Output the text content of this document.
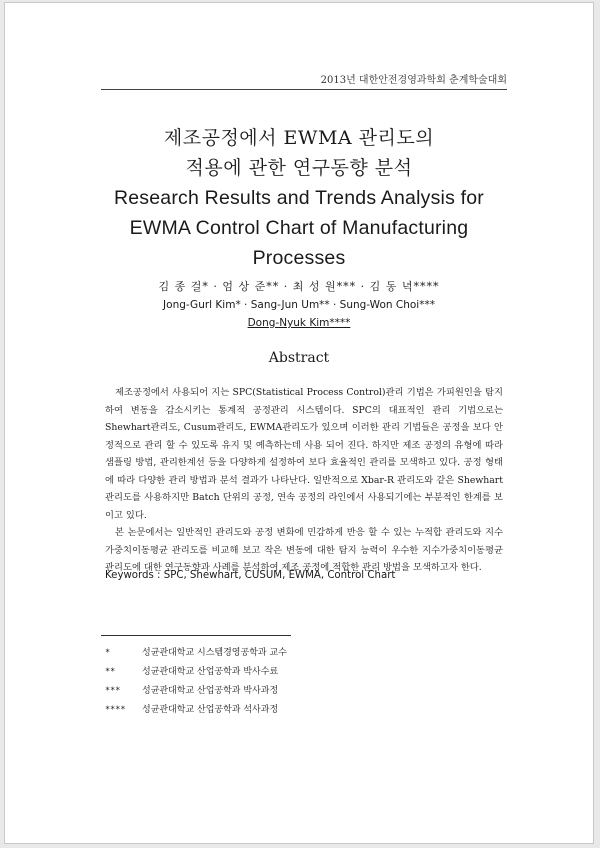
2013년 대한안전경영과학회 춘계학술대회

제조공정에서 EWMA 관리도의

적용에 관한 연구동향 분석

Research Results and Trends Analysis for

EWMA Control Chart of Manufacturing

Processes

김 종 걸* · 엄 상 준** · 최 성 원*** · 김 동 녁****
Jong-Gurl Kim* · Sang-Jun Um** · Sung-Won Choi***
Dong-Nyuk Kim****
Abstract

제조공정에서 사용되어 지는 SPC(Statistical Process Control)관리 기법은 가피원인을 탐지하여 변동을 감소시키는 통계적 공정관리 시스템이다. SPC의 대표적인 관리 기법으로는 Shewhart관리도, Cusum관리도, EWMA관리도가 있으며 이러한 관리 기법들은 공정을 보다 안정적으로 관리 할 수 있도록 유지 및 예측하는데 사용 되어 진다. 하지만 제조 공정의 유형에 따라 샘플링 방법, 관리한계선 등을 다양하게 설정하여 보다 효율적인 관리를 모색하고 있다. 공정 형태에 따라 다양한 관리 방법과 분석 결과가 나타난다. 일반적으로 Xbar-R 관리도와 같은 Shewhart 관리도를 사용하지만 Batch 단위의 공정, 연속 공정의 라인에서 사용되기에는 부분적인 한계를 보이고 있다.

본 논문에서는 일반적인 관리도와 공정 변화에 민감하게 반응 할 수 있는 누적합 관리도와 지수가중치이동평균 관리도를 비교해 보고 작은 변동에 대한 탐지 능력이 우수한 지수가중치이동평균 관리도에 대한 연구동향과 사례를 분석하여 제조 공정에 적합한 관리 방법을 모색하고자 한다.

Keywords : SPC, Shewhart, CUSUM, EWMA, Control Chart
*	성균관대학교 시스템경영공학과 교수
**	성균관대학교 산업공학과 박사수료
***	성균관대학교 산업공학과 박사과정
****	성균관대학교 산업공학과 석사과정
